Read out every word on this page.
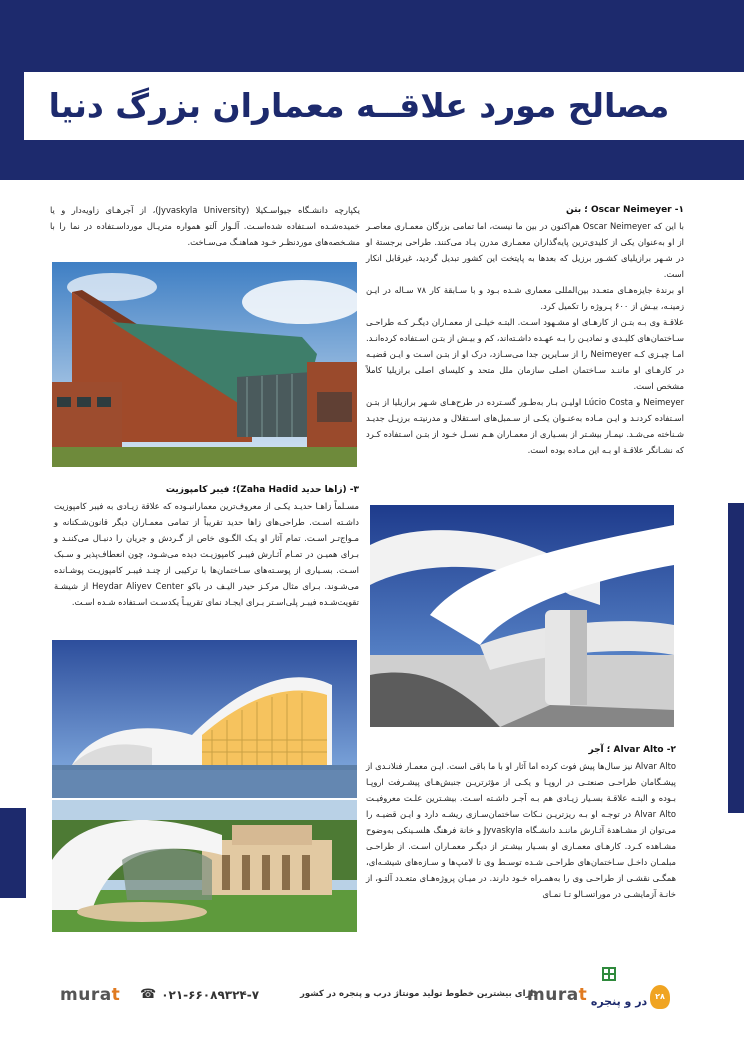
مصالح مورد علاقــه معماران بزرگ دنیا

۱- Oscar Neimeyer ؛ بتن

با این که Oscar Neimeyer هم‌اکنون در بین ما نیست، اما تمامی بزرگان معمـاری معاصـر از او به‌عنوان یکی از کلیدی‌ترین پایه‌گذاران معمـاری مدرن یـاد می‌کنند. طراحی برجستة او در شـهر برازیلیای کشـور برزیل که بعدها به پایتخت این کشور تبدیل گردید، غیرقابل انکار است.

او برندة جایزه‌هـای متعـدد بین‌المللی معماری شـده بـود و با سـابقة کار ۷۸ سـاله در ایـن زمینـه، بیـش از ۶۰۰ پـروژه را تکمیل کرد.

علاقـة وی بـه بتـن از کارهـای او مشـهود اسـت. البتـه خیلـی از معمـاران دیگـر کـه طراحـی سـاختمان‌های کلیـدی و نمادیـن را بـه عهـده داشـته‌اند، کم و بیـش از بتـن اسـتفاده کرده‌انـد. امـا چیـزی کـه Neimeyer را از سـایرین جدا می‌سـازد، درک او از بتـن اسـت و ایـن قضیـه در کارهـای او ماننـد سـاختمان اصلی سازمان ملل متحد و کلیسای اصلی برازیلیا کاملاً مشخص است.

Neimeyer و Lúcio Costa اولیـن بـار به‌طـور گسـترده در طرح‌هـای شـهر برازیلیا از بتـن اسـتفاده کردنـد و ایـن مـاده به‌عنـوان یکـی از سـمبل‌های اسـتقلال و مدرنیتـه برزیـل جدیـد شـناخته می‌شـد. نیمـار بیشـتر از بسـیاری از معمـاران هـم نسـل خـود از بتـن اسـتفاده کـرد که نشـانگر علاقـة او بـه این مـاده بوده است.

یکپارچه دانشـگاه جیواسـکیلا (Jyvaskyla University)، از آجرهـای زاویه‌دار و یا خمیده‌شـده اسـتفاده شده‌اسـت. آلـوار آلتو همواره متریـال مورداسـتفاده در نما را با مشـخصه‌های موردنظـر خـود هماهنـگ می‌سـاخت.

۳- (زاها حدید Zaha Hadid)؛ فیبر کامپوزیت

مسـلماً زاهـا حدیـد یکـی از معروف‌ترین معمارانبـوده که علاقة زیـادی به فیبر کامپوزیت داشـته اسـت. طراحی‌های زاها حدید تقریباً از تمامی معمـاران دیگر قانون‌شـکنانه و مـواج‌تـر اسـت. تمام آثار او یـک الگـوی خاص از گـردش و جریان را دنبـال می‌کننـد و بـرای همیـن در تمـام آثـارش فیبـر کامپوزیـت دیده می‌شـود، چون انعطاف‌پذیر و سـبک اسـت. بسـیاری از پوسـته‌های سـاختمان‌ها با ترکیبی از چنـد فیبـر کامپوزیـت پوشـانده می‌شـوند. بـرای مثال مرکـز حیدر الیـف در باکو Heydar Aliyev Center از شیشـة تقویت‌شـده فیبـر پلی‌اسـتر بـرای ایجـاد نمای تقریبـاً یکدسـت اسـتفاده شـده اسـت.

۲- Alvar Alto ؛ آجر

Alvar Alto نیز سال‌ها پیش فوت کرده اما آثار او با ما باقی است. ایـن معمـار فنلانـدی از پیشـگامان طراحـی صنعتـی در اروپـا و یکـی از مؤثرتریـن جنبش‌هـای پیشـرفت اروپـا بـوده و البتـه علاقـة بسـیار زیـادی هم بـه آجـر داشـته اسـت. بیشـترین علـت معروفیـت Alvar Alto در توجـه او بـه ریزتریـن نـکات ساختمان‌سـازی ریشـه دارد و ایـن قضیـه را می‌توان از مشـاهدة آثـارش ماننـد دانشـگاه Jyvaskyla و خانة فرهنگ هلسـینکی به‌وضوح مشـاهده کـرد. کارهـای معمـاری او بسـیار بیشـتر از دیگـر معمـاران اسـت. از طراحـی مبلمـان داخـل سـاختمان‌های طراحـی شـده توسـط وی تا لامپ‌ها و سـازه‌های شیشـه‌ای، همگـی نقشـی از طراحـی وی را به‌همـراه خـود دارند. در میـان پروژه‌هـای متعـدد آلتـو، از خانـة آزمایشـی در موراتسـالو تـا نمـای

murat ☎ ۰۲۱-۶۶۰۸۹۳۲۴-۷	دارای بیشترین خطوط تولید مونتاژ درب و پنجره در کشور
murat در و پنجره ۲۸
